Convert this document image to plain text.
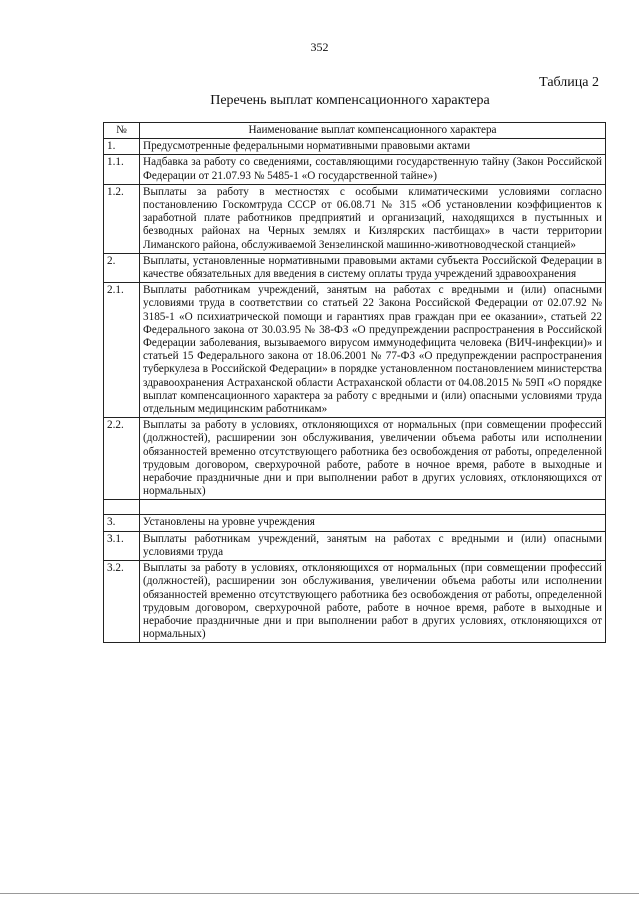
352
Таблица 2
Перечень выплат компенсационного характера
№	Наименование выплат компенсационного характера
1.	Предусмотренные федеральными нормативными правовыми актами
1.1.	Надбавка за работу со сведениями, составляющими государственную тайну (Закон Российской Федерации от 21.07.93 № 5485-1 «О государственной тайне»)
1.2.	Выплаты за работу в местностях с особыми климатическими условиями согласно постановлению Госкомтруда СССР от 06.08.71 № 315 «Об установлении коэффициентов к заработной плате работников предприятий и организаций, находящихся в пустынных и безводных районах на Черных землях и Кизлярских пастбищах» в части территории Лиманского района, обслуживаемой Зензелинской машинно-животноводческой станцией»
2.	Выплаты, установленные нормативными правовыми актами субъекта Российской Федерации в качестве обязательных для введения в систему оплаты труда учреждений здравоохранения
2.1.	Выплаты работникам учреждений, занятым на работах с вредными и (или) опасными условиями труда в соответствии со статьей 22 Закона Российской Федерации от 02.07.92 № 3185-1 «О психиатрической помощи и гарантиях прав граждан при ее оказании», статьей 22 Федерального закона от 30.03.95 № 38-ФЗ «О предупреждении распространения в Российской Федерации заболевания, вызываемого вирусом иммунодефицита человека (ВИЧ-инфекции)» и статьей 15 Федерального закона от 18.06.2001 № 77-ФЗ «О предупреждении распространения туберкулеза в Российской Федерации» в порядке установленном постановлением министерства здравоохранения Астраханской области Астраханской области от 04.08.2015 № 59П «О порядке выплат компенсационного характера за работу с вредными и (или) опасными условиями труда отдельным медицинским работникам»
2.2.	Выплаты за работу в условиях, отклоняющихся от нормальных (при совмещении профессий (должностей), расширении зон обслуживания, увеличении объема работы или исполнении обязанностей временно отсутствующего работника без освобождения от работы, определенной трудовым договором, сверхурочной работе, работе в ночное время, работе в выходные и нерабочие праздничные дни и при выполнении работ в других условиях, отклоняющихся от нормальных)

3.	Установлены на уровне учреждения
3.1.	Выплаты работникам учреждений, занятым на работах с вредными и (или) опасными условиями труда
3.2.	Выплаты за работу в условиях, отклоняющихся от нормальных (при совмещении профессий (должностей), расширении зон обслуживания, увеличении объема работы или исполнении обязанностей временно отсутствующего работника без освобождения от работы, определенной трудовым договором, сверхурочной работе, работе в ночное время, работе в выходные и нерабочие праздничные дни и при выполнении работ в других условиях, отклоняющихся от нормальных)
